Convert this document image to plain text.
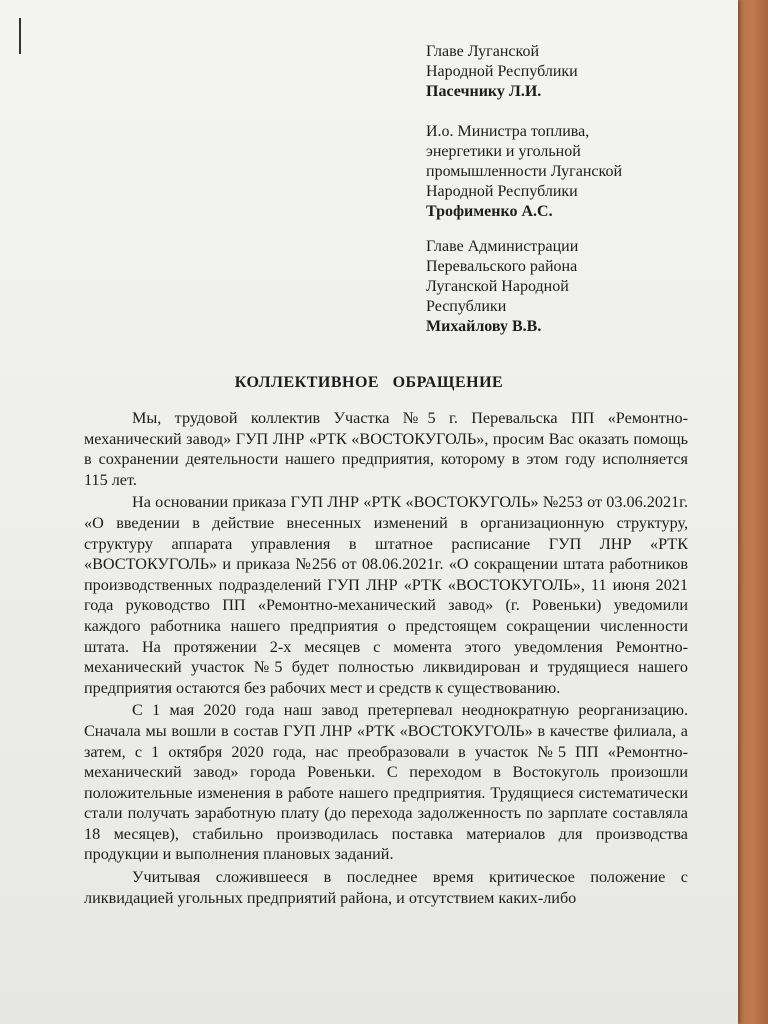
Главе Луганской
Народной Республики
Пасечнику Л.И.
И.о. Министра топлива,
энергетики и угольной
промышленности Луганской
Народной Республики
Трофименко А.С.
Главе Администрации
Перевальского района
Луганской Народной
Республики
Михайлову В.В.
КОЛЛЕКТИВНОЕ   ОБРАЩЕНИЕ

Мы, трудовой коллектив Участка №5 г. Перевальска ПП «Ремонтно-механический завод» ГУП ЛНР «РТК «ВОСТОКУГОЛЬ», просим Вас оказать помощь в сохранении деятельности нашего предприятия, которому в этом году исполняется 115 лет.

На основании приказа ГУП ЛНР «РТК «ВОСТОКУГОЛЬ» №253 от 03.06.2021г. «О введении в действие внесенных изменений в организационную структуру, структуру аппарата управления в штатное расписание ГУП ЛНР «РТК «ВОСТОКУГОЛЬ» и приказа №256 от 08.06.2021г. «О сокращении штата работников производственных подразделений ГУП ЛНР «РТК «ВОСТОКУГОЛЬ», 11 июня 2021 года руководство ПП «Ремонтно-механический завод» (г. Ровеньки) уведомили каждого работника нашего предприятия о предстоящем сокращении численности штата. На протяжении 2-х месяцев с момента этого уведомления Ремонтно-механический участок №5 будет полностью ликвидирован и трудящиеся нашего предприятия остаются без рабочих мест и средств к существованию.

С 1 мая 2020 года наш завод претерпевал неоднократную реорганизацию. Сначала мы вошли в состав ГУП ЛНР «РТК «ВОСТОКУГОЛЬ» в качестве филиала, а затем, с 1 октября 2020 года, нас преобразовали в участок №5 ПП «Ремонтно-механический завод» города Ровеньки. С переходом в Востокуголь произошли положительные изменения в работе нашего предприятия. Трудящиеся систематически стали получать заработную плату (до перехода задолженность по зарплате составляла 18 месяцев), стабильно производилась поставка материалов для производства продукции и выполнения плановых заданий.

Учитывая сложившееся в последнее время критическое положение с ликвидацией угольных предприятий района, и отсутствием каких-либо
